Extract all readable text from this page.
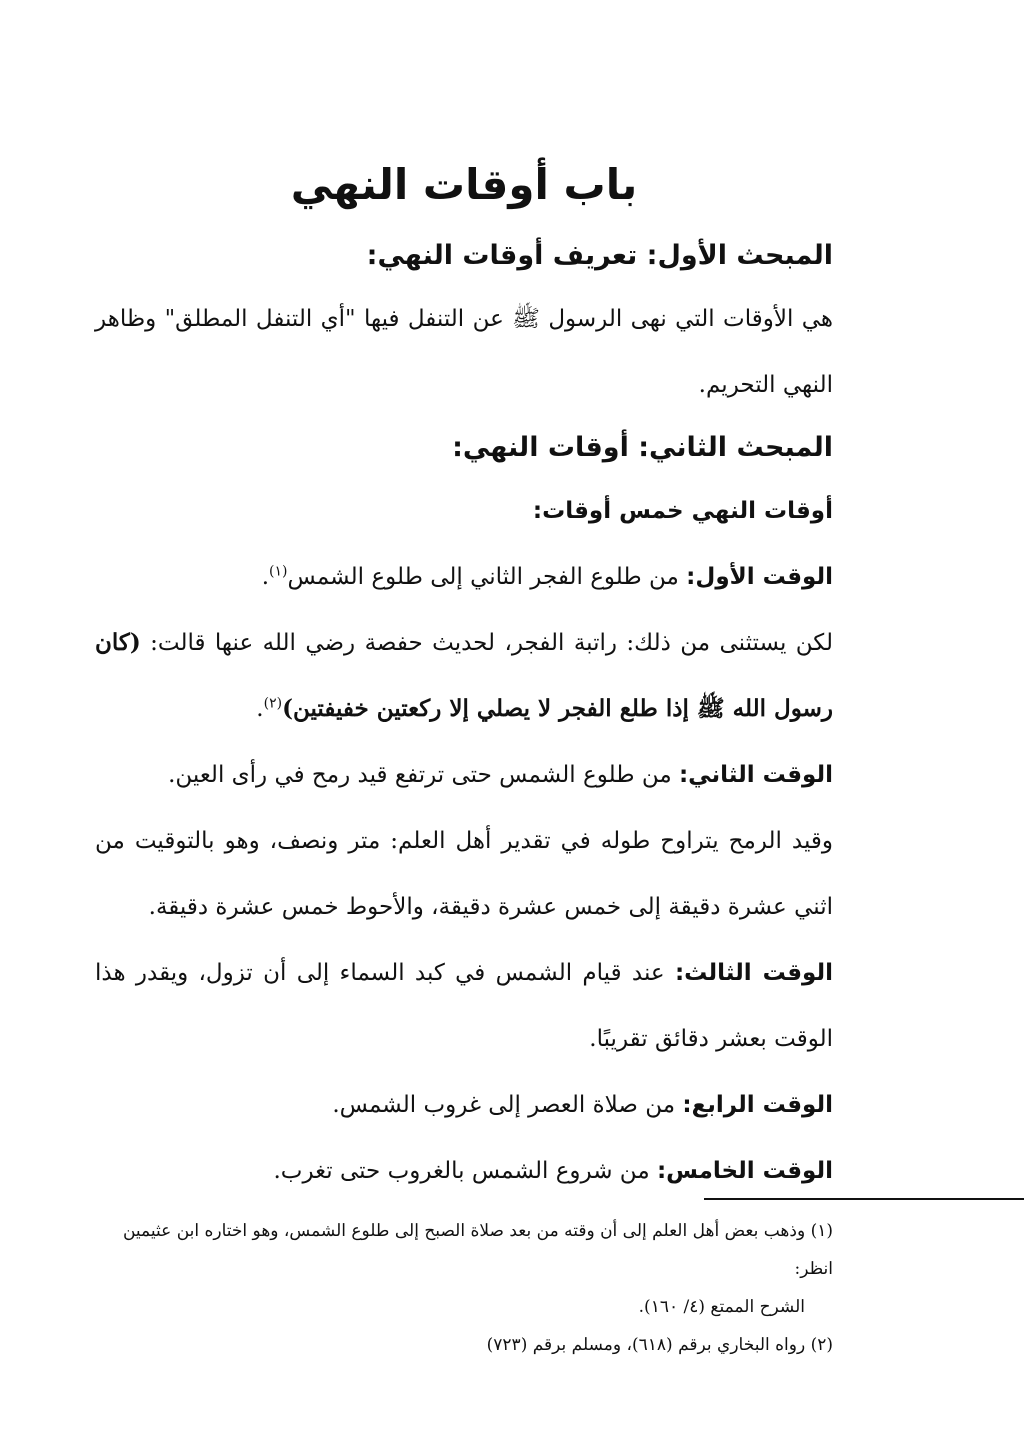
باب أوقات النهي
المبحث الأول: تعريف أوقات النهي:

هي الأوقات التي نهى الرسول ﷺ عن التنفل فيها "أي التنفل المطلق" وظاهر النهي التحريم.

المبحث الثاني: أوقات النهي:

أوقات النهي خمس أوقات:

الوقت الأول: من طلوع الفجر الثاني إلى طلوع الشمس$^{(١)}$.

لكن يستثنى من ذلك: راتبة الفجر، لحديث حفصة رضي الله عنها قالت: (كان رسول الله ﷺ إذا طلع الفجر لا يصلي إلا ركعتين خفيفتين)$^{(٢)}$.

الوقت الثاني: من طلوع الشمس حتى ترتفع قيد رمح في رأى العين.

وقيد الرمح يتراوح طوله في تقدير أهل العلم: متر ونصف، وهو بالتوقيت من اثني عشرة دقيقة إلى خمس عشرة دقيقة، والأحوط خمس عشرة دقيقة.

الوقت الثالث: عند قيام الشمس في كبد السماء إلى أن تزول، ويقدر هذا الوقت بعشر دقائق تقريبًا.

الوقت الرابع: من صلاة العصر إلى غروب الشمس.

الوقت الخامس: من شروع الشمس بالغروب حتى تغرب.

(١) وذهب بعض أهل العلم إلى أن وقته من بعد صلاة الصبح إلى طلوع الشمس، وهو اختاره ابن عثيمين انظر:

الشرح الممتع (٤/ ١٦٠).

(٢) رواه البخاري برقم (٦١٨)، ومسلم برقم (٧٢٣)
